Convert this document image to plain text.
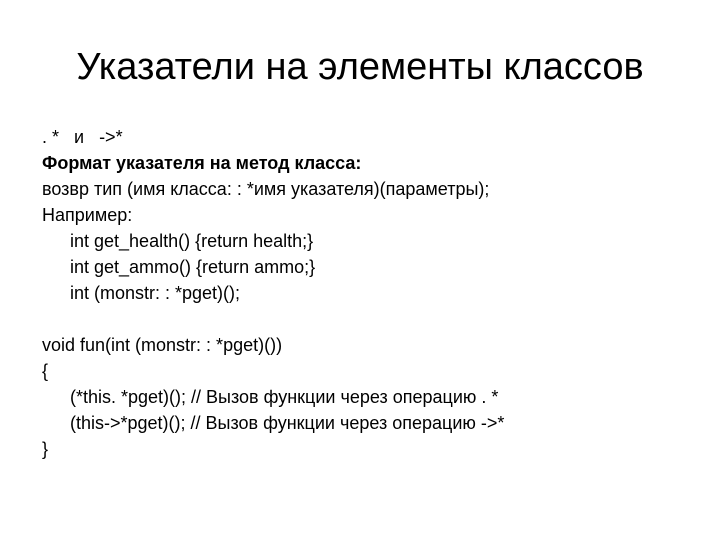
Указатели на элементы классов
. *   и   ->*
Формат указателя на метод класса:
возвр тип (имя класса: : *имя указателя)(параметры);
Например:
int get_health() {return health;}
int get_ammo() {return ammo;}
int (monstr: : *pget)();
void fun(int (monstr: : *pget)())
{
(*this. *pget)(); // Вызов функции через операцию . *
(this->*pget)(); // Вызов функции через операцию ->*
}
